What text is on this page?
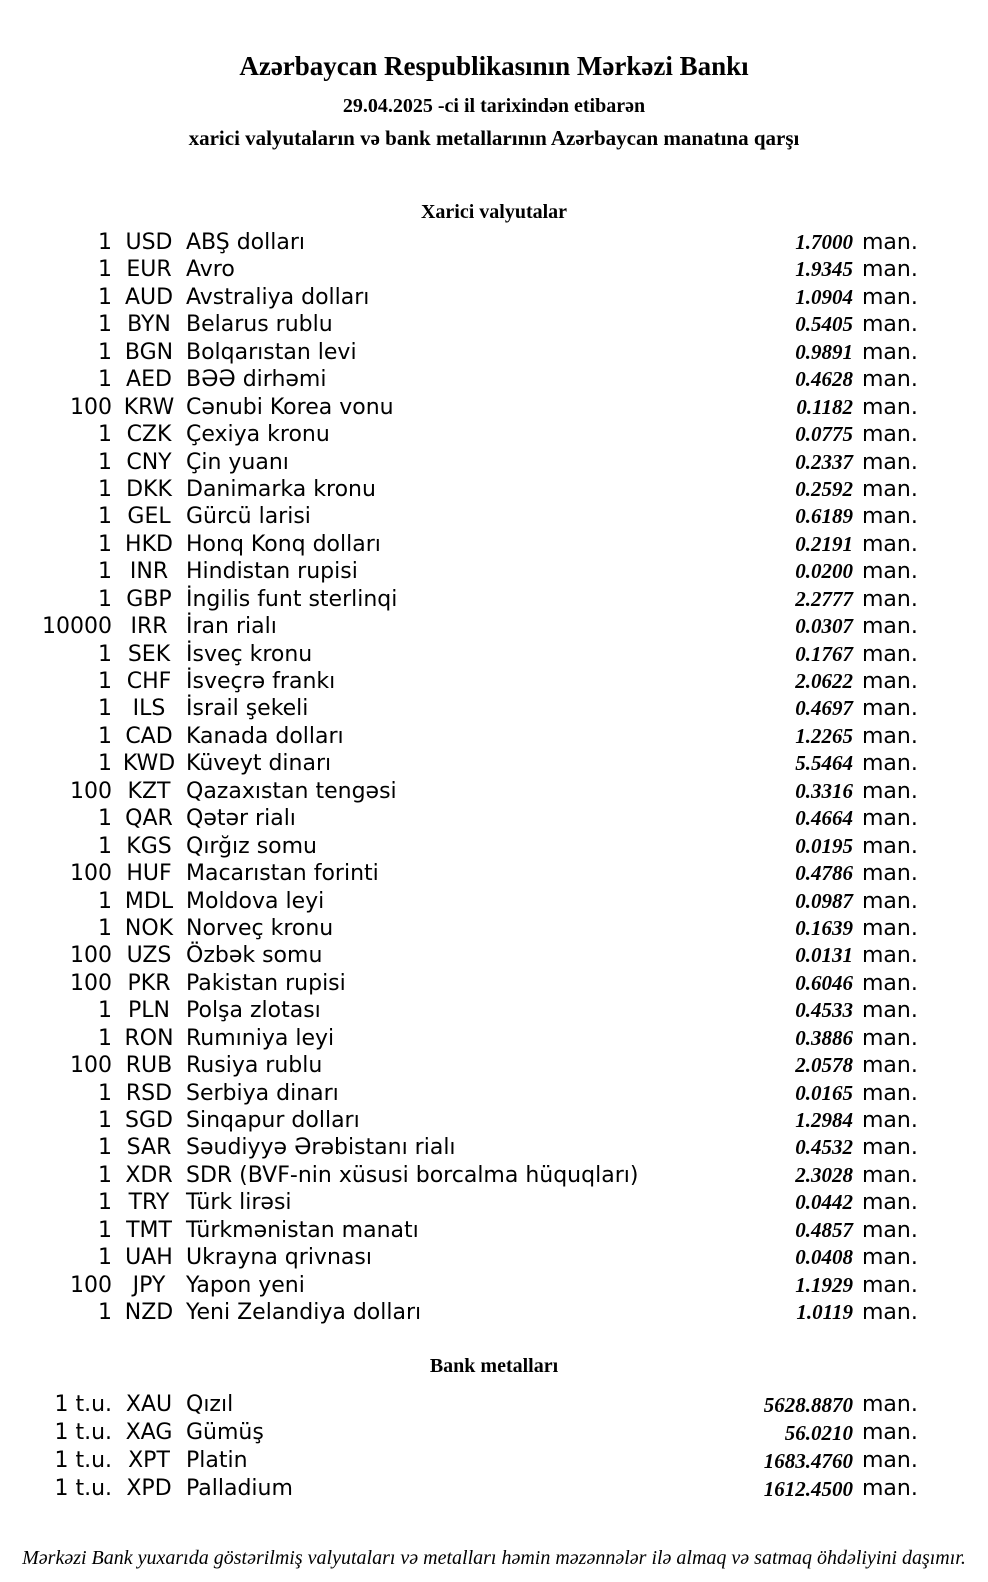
Azərbaycan Respublikasının Mərkəzi Bankı
29.04.2025 -ci il tarixindən etibarən
xarici valyutaların və bank metallarının Azərbaycan manatına qarşı
Xarici valyutalar
1 USD ABŞ dolları	1.7000 man.
1 EUR Avro	1.9345 man.
1 AUD Avstraliya dolları	1.0904 man.
1 BYN Belarus rublu	0.5405 man.
1 BGN Bolqarıstan levi	0.9891 man.
1 AED BƏƏ dirhəmi	0.4628 man.
100 KRW Cənubi Korea vonu	0.1182 man.
1 CZK Çexiya kronu	0.0775 man.
1 CNY Çin yuanı	0.2337 man.
1 DKK Danimarka kronu	0.2592 man.
1 GEL Gürcü larisi	0.6189 man.
1 HKD Honq Konq dolları	0.2191 man.
1 INR Hindistan rupisi	0.0200 man.
1 GBP İngilis funt sterlinqi	2.2777 man.
10000 IRR İran rialı	0.0307 man.
1 SEK İsveç kronu	0.1767 man.
1 CHF İsveçrə frankı	2.0622 man.
1 ILS İsrail şekeli	0.4697 man.
1 CAD Kanada dolları	1.2265 man.
1 KWD Küveyt dinarı	5.5464 man.
100 KZT Qazaxıstan tengəsi	0.3316 man.
1 QAR Qətər rialı	0.4664 man.
1 KGS Qırğız somu	0.0195 man.
100 HUF Macarıstan forinti	0.4786 man.
1 MDL Moldova leyi	0.0987 man.
1 NOK Norveç kronu	0.1639 man.
100 UZS Özbək somu	0.0131 man.
100 PKR Pakistan rupisi	0.6046 man.
1 PLN Polşa zlotası	0.4533 man.
1 RON Rumıniya leyi	0.3886 man.
100 RUB Rusiya rublu	2.0578 man.
1 RSD Serbiya dinarı	0.0165 man.
1 SGD Sinqapur dolları	1.2984 man.
1 SAR Səudiyyə Ərəbistanı rialı	0.4532 man.
1 XDR SDR (BVF-nin xüsusi borcalma hüquqları)	2.3028 man.
1 TRY Türk lirəsi	0.0442 man.
1 TMT Türkmənistan manatı	0.4857 man.
1 UAH Ukrayna qrivnası	0.0408 man.
100 JPY Yapon yeni	1.1929 man.
1 NZD Yeni Zelandiya dolları	1.0119 man.
Bank metalları
1 t.u. XAU Qızıl	5628.8870 man.
1 t.u. XAG Gümüş	56.0210 man.
1 t.u. XPT Platin	1683.4760 man.
1 t.u. XPD Palladium	1612.4500 man.
Mərkəzi Bank yuxarıda göstərilmiş valyutaları və metalları həmin məzənnələr ilə almaq və satmaq öhdəliyini daşımır.
